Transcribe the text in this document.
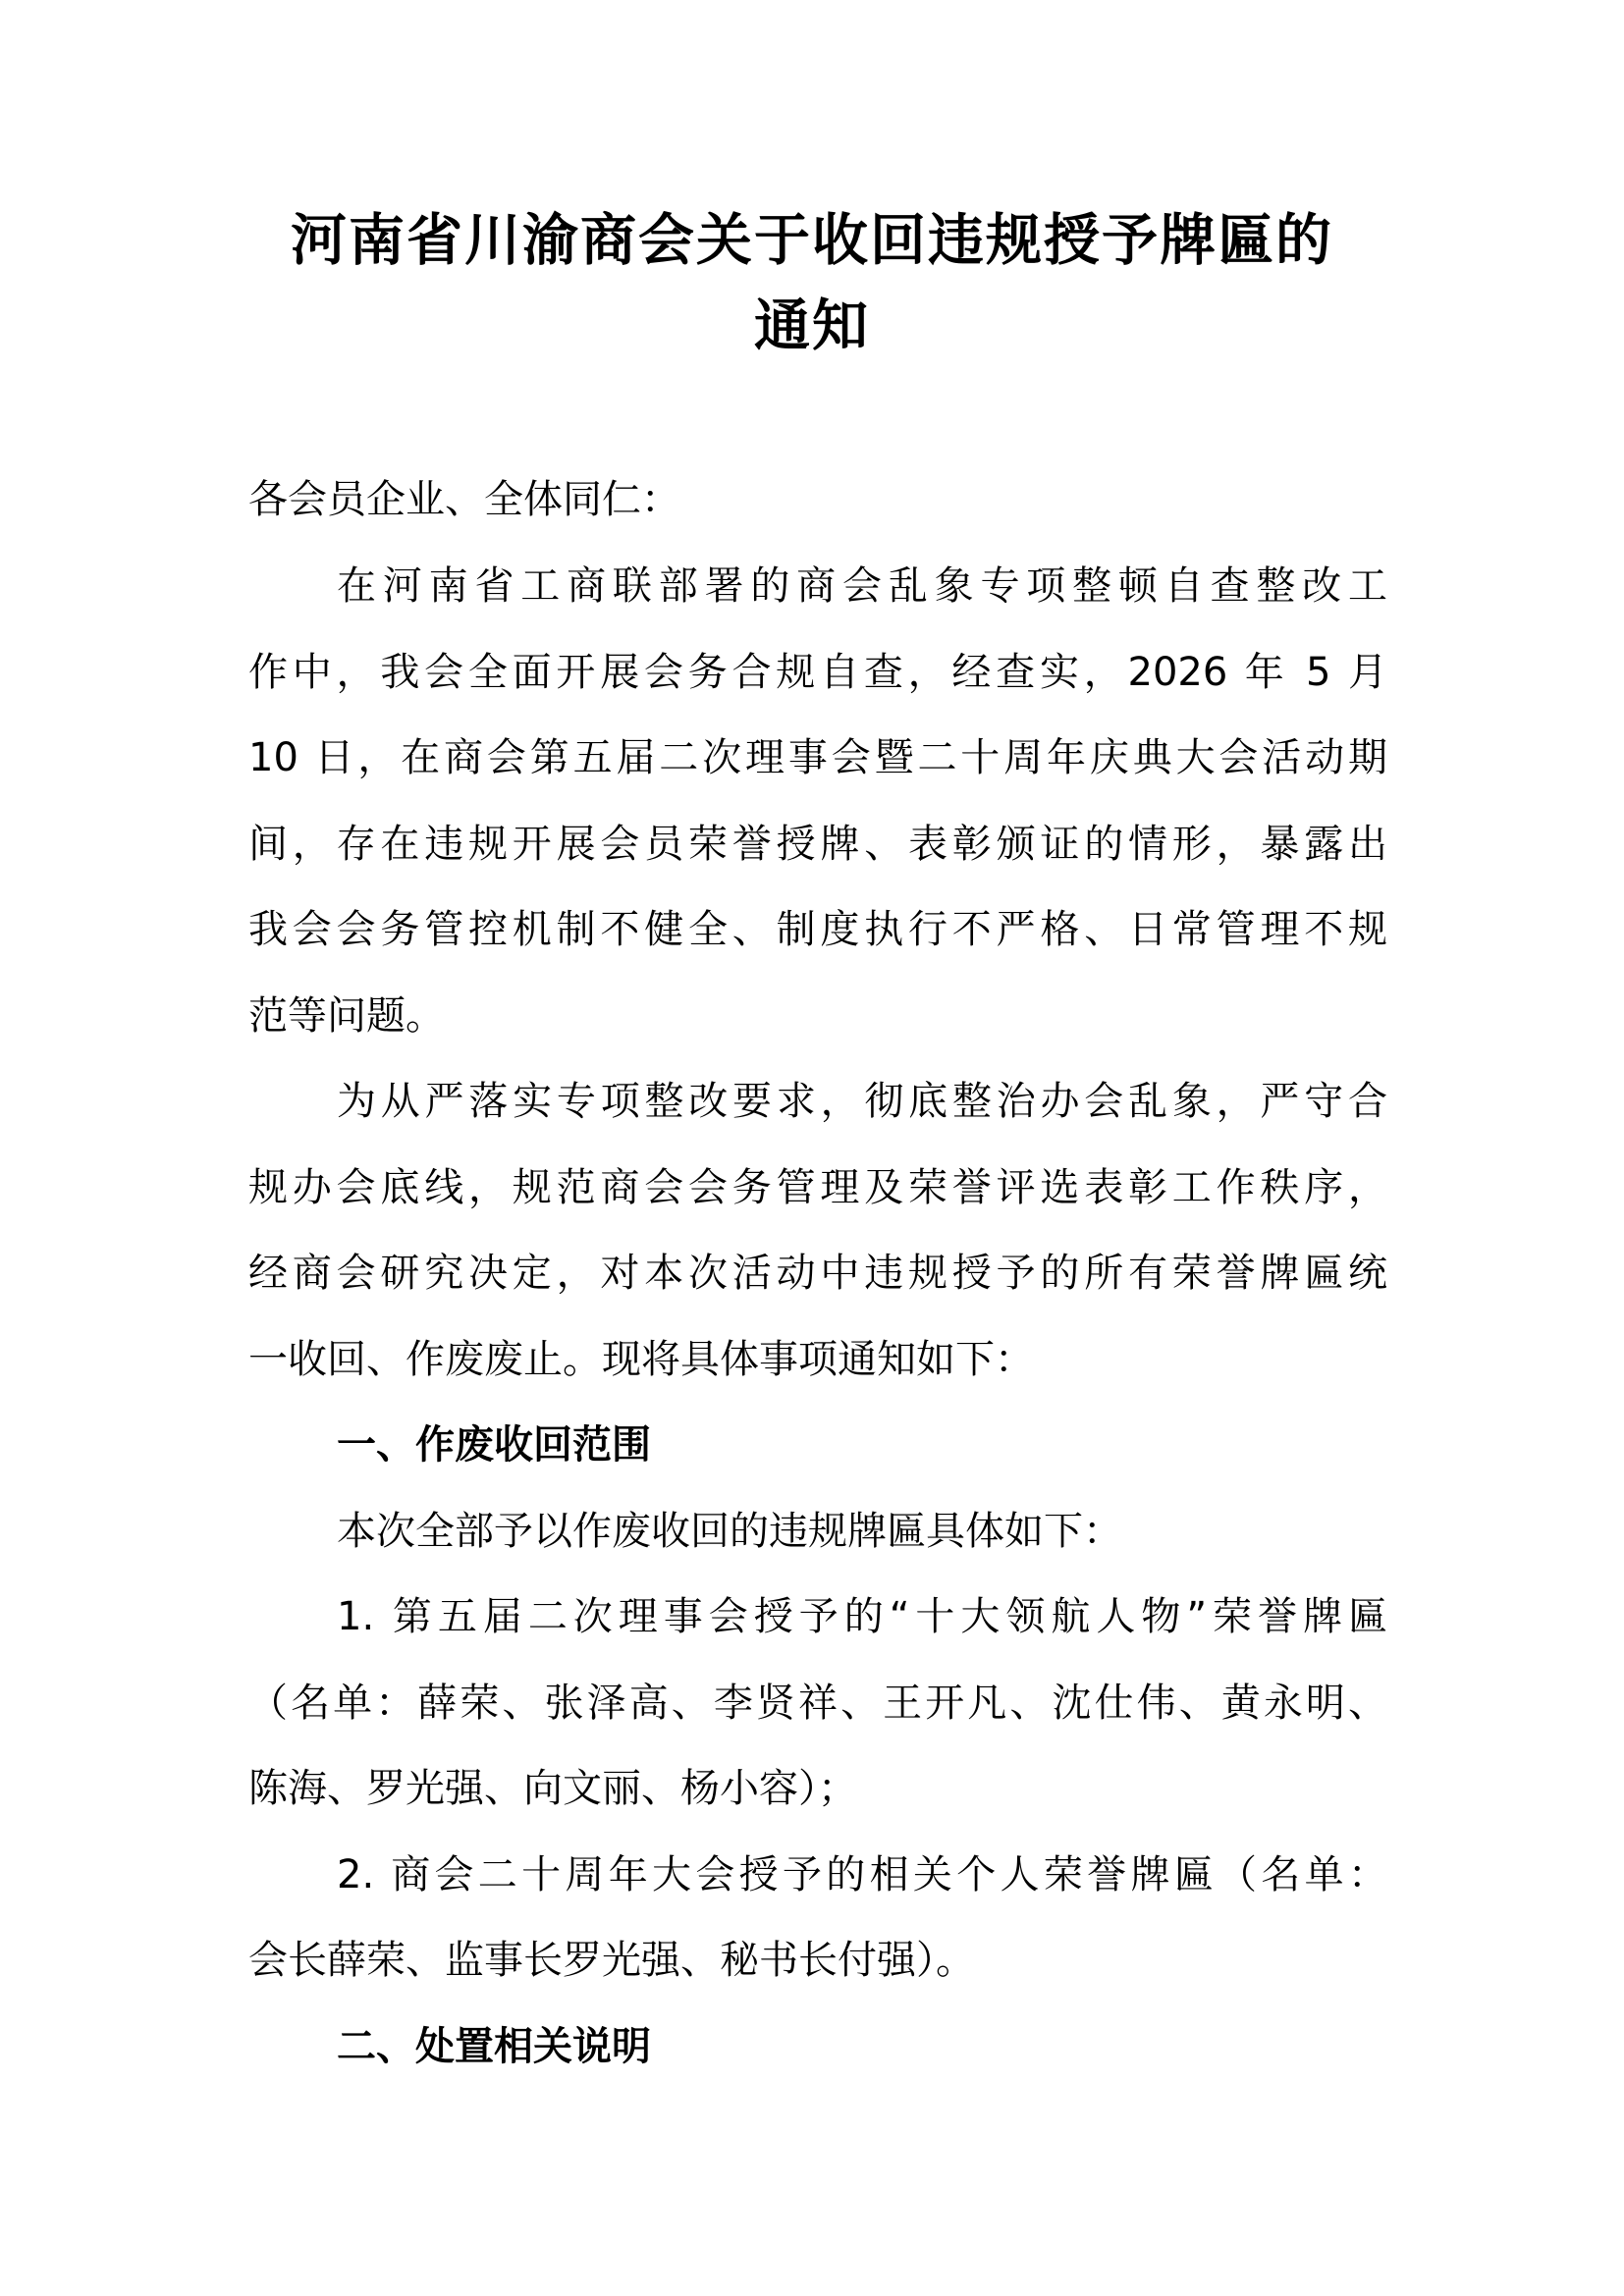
河南省川渝商会关于收回违规授予牌匾的
通知
各会员企业、全体同仁：
在河南省工商联部署的商会乱象专项整顿自查整改工
作中，我会全面开展会务合规自查，经查实，2026 年 5 月
10 日，在商会第五届二次理事会暨二十周年庆典大会活动期
间，存在违规开展会员荣誉授牌、表彰颁证的情形，暴露出
我会会务管控机制不健全、制度执行不严格、日常管理不规
范等问题。
为从严落实专项整改要求，彻底整治办会乱象，严守合
规办会底线，规范商会会务管理及荣誉评选表彰工作秩序，
经商会研究决定，对本次活动中违规授予的所有荣誉牌匾统
一收回、作废废止。现将具体事项通知如下：
一、作废收回范围
本次全部予以作废收回的违规牌匾具体如下：
1. 第五届二次理事会授予的“十大领航人物”荣誉牌匾
（名单：薛荣、张泽高、李贤祥、王开凡、沈仕伟、黄永明、
陈海、罗光强、向文丽、杨小容）；
2. 商会二十周年大会授予的相关个人荣誉牌匾（名单：
会长薛荣、监事长罗光强、秘书长付强）。
二、处置相关说明
